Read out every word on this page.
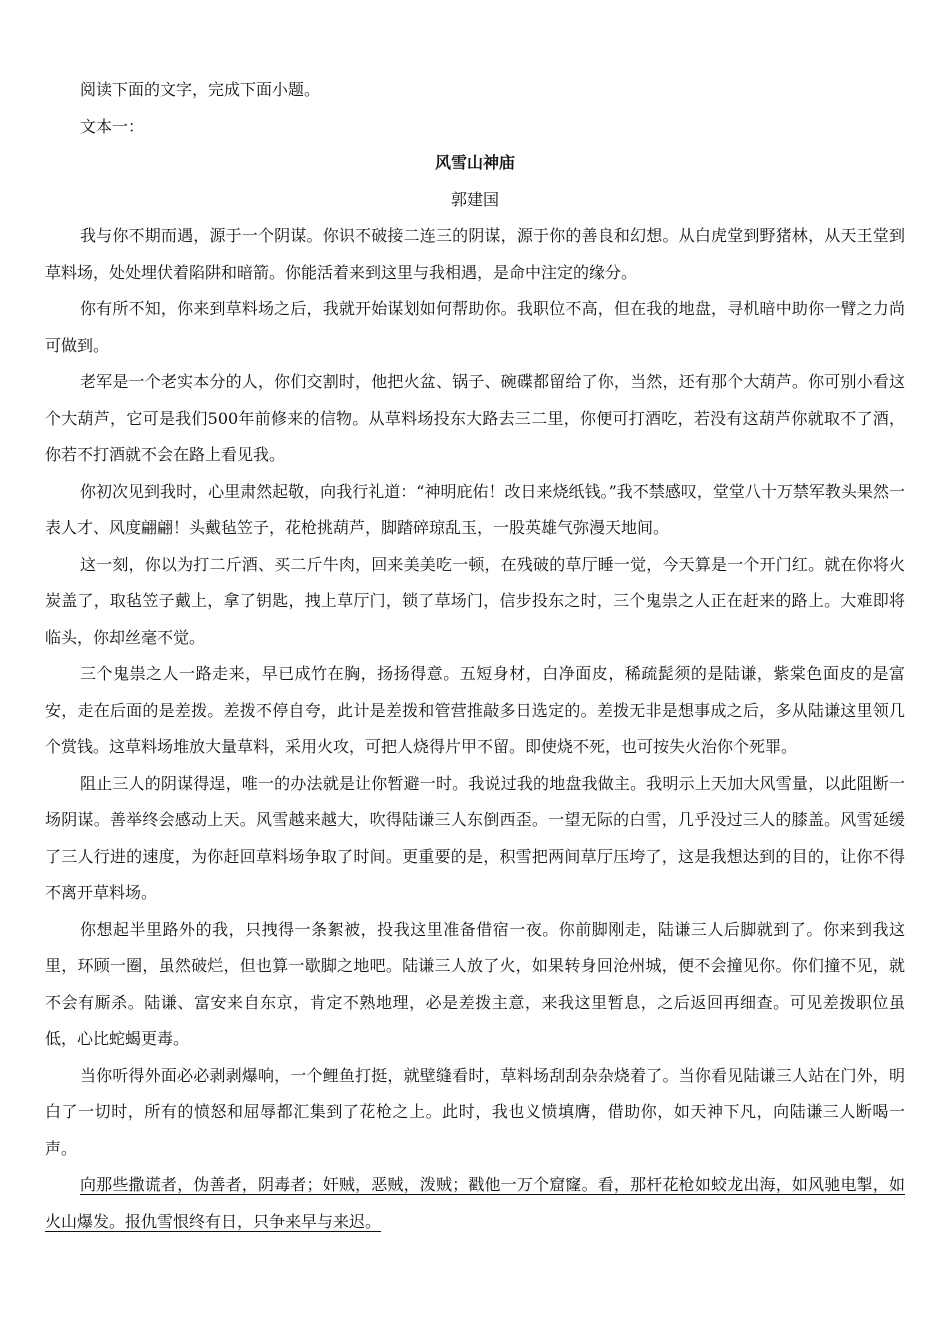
阅读下面的文字，完成下面小题。

文本一：

风雪山神庙

郭建国

我与你不期而遇，源于一个阴谋。你识不破接二连三的阴谋，源于你的善良和幻想。从白虎堂到野猪林，从天王堂到草料场，处处埋伏着陷阱和暗箭。你能活着来到这里与我相遇，是命中注定的缘分。

你有所不知，你来到草料场之后，我就开始谋划如何帮助你。我职位不高，但在我的地盘，寻机暗中助你一臂之力尚可做到。

老军是一个老实本分的人，你们交割时，他把火盆、锅子、碗碟都留给了你，当然，还有那个大葫芦。你可别小看这个大葫芦，它可是我们500年前修来的信物。从草料场投东大路去三二里，你便可打酒吃，若没有这葫芦你就取不了酒，你若不打酒就不会在路上看见我。

你初次见到我时，心里肃然起敬，向我行礼道：“神明庇佑！改日来烧纸钱。”我不禁感叹，堂堂八十万禁军教头果然一表人才、风度翩翩！头戴毡笠子，花枪挑葫芦，脚踏碎琼乱玉，一股英雄气弥漫天地间。

这一刻，你以为打二斤酒、买二斤牛肉，回来美美吃一顿，在残破的草厅睡一觉，今天算是一个开门红。就在你将火炭盖了，取毡笠子戴上，拿了钥匙，拽上草厅门，锁了草场门，信步投东之时，三个鬼祟之人正在赶来的路上。大难即将临头，你却丝毫不觉。

三个鬼祟之人一路走来，早已成竹在胸，扬扬得意。五短身材，白净面皮，稀疏髭须的是陆谦，紫棠色面皮的是富安，走在后面的是差拨。差拨不停自夸，此计是差拨和管营推敲多日选定的。差拨无非是想事成之后，多从陆谦这里领几个赏钱。这草料场堆放大量草料，采用火攻，可把人烧得片甲不留。即使烧不死，也可按失火治你个死罪。

阻止三人的阴谋得逞，唯一的办法就是让你暂避一时。我说过我的地盘我做主。我明示上天加大风雪量，以此阻断一场阴谋。善举终会感动上天。风雪越来越大，吹得陆谦三人东倒西歪。一望无际的白雪，几乎没过三人的膝盖。风雪延缓了三人行进的速度，为你赶回草料场争取了时间。更重要的是，积雪把两间草厅压垮了，这是我想达到的目的，让你不得不离开草料场。

你想起半里路外的我，只拽得一条絮被，投我这里准备借宿一夜。你前脚刚走，陆谦三人后脚就到了。你来到我这里，环顾一圈，虽然破烂，但也算一歇脚之地吧。陆谦三人放了火，如果转身回沧州城，便不会撞见你。你们撞不见，就不会有厮杀。陆谦、富安来自东京，肯定不熟地理，必是差拨主意，来我这里暂息，之后返回再细查。可见差拨职位虽低，心比蛇蝎更毒。

当你听得外面必必剥剥爆响，一个鲤鱼打挺，就壁缝看时，草料场刮刮杂杂烧着了。当你看见陆谦三人站在门外，明白了一切时，所有的愤怒和屈辱都汇集到了花枪之上。此时，我也义愤填膺，借助你，如天神下凡，向陆谦三人断喝一声。

向那些撒谎者，伪善者，阴毒者；奸贼，恶贼，泼贼；戳他一万个窟窿。看，那杆花枪如蛟龙出海，如风驰电掣，如火山爆发。报仇雪恨终有日，只争来早与来迟。
